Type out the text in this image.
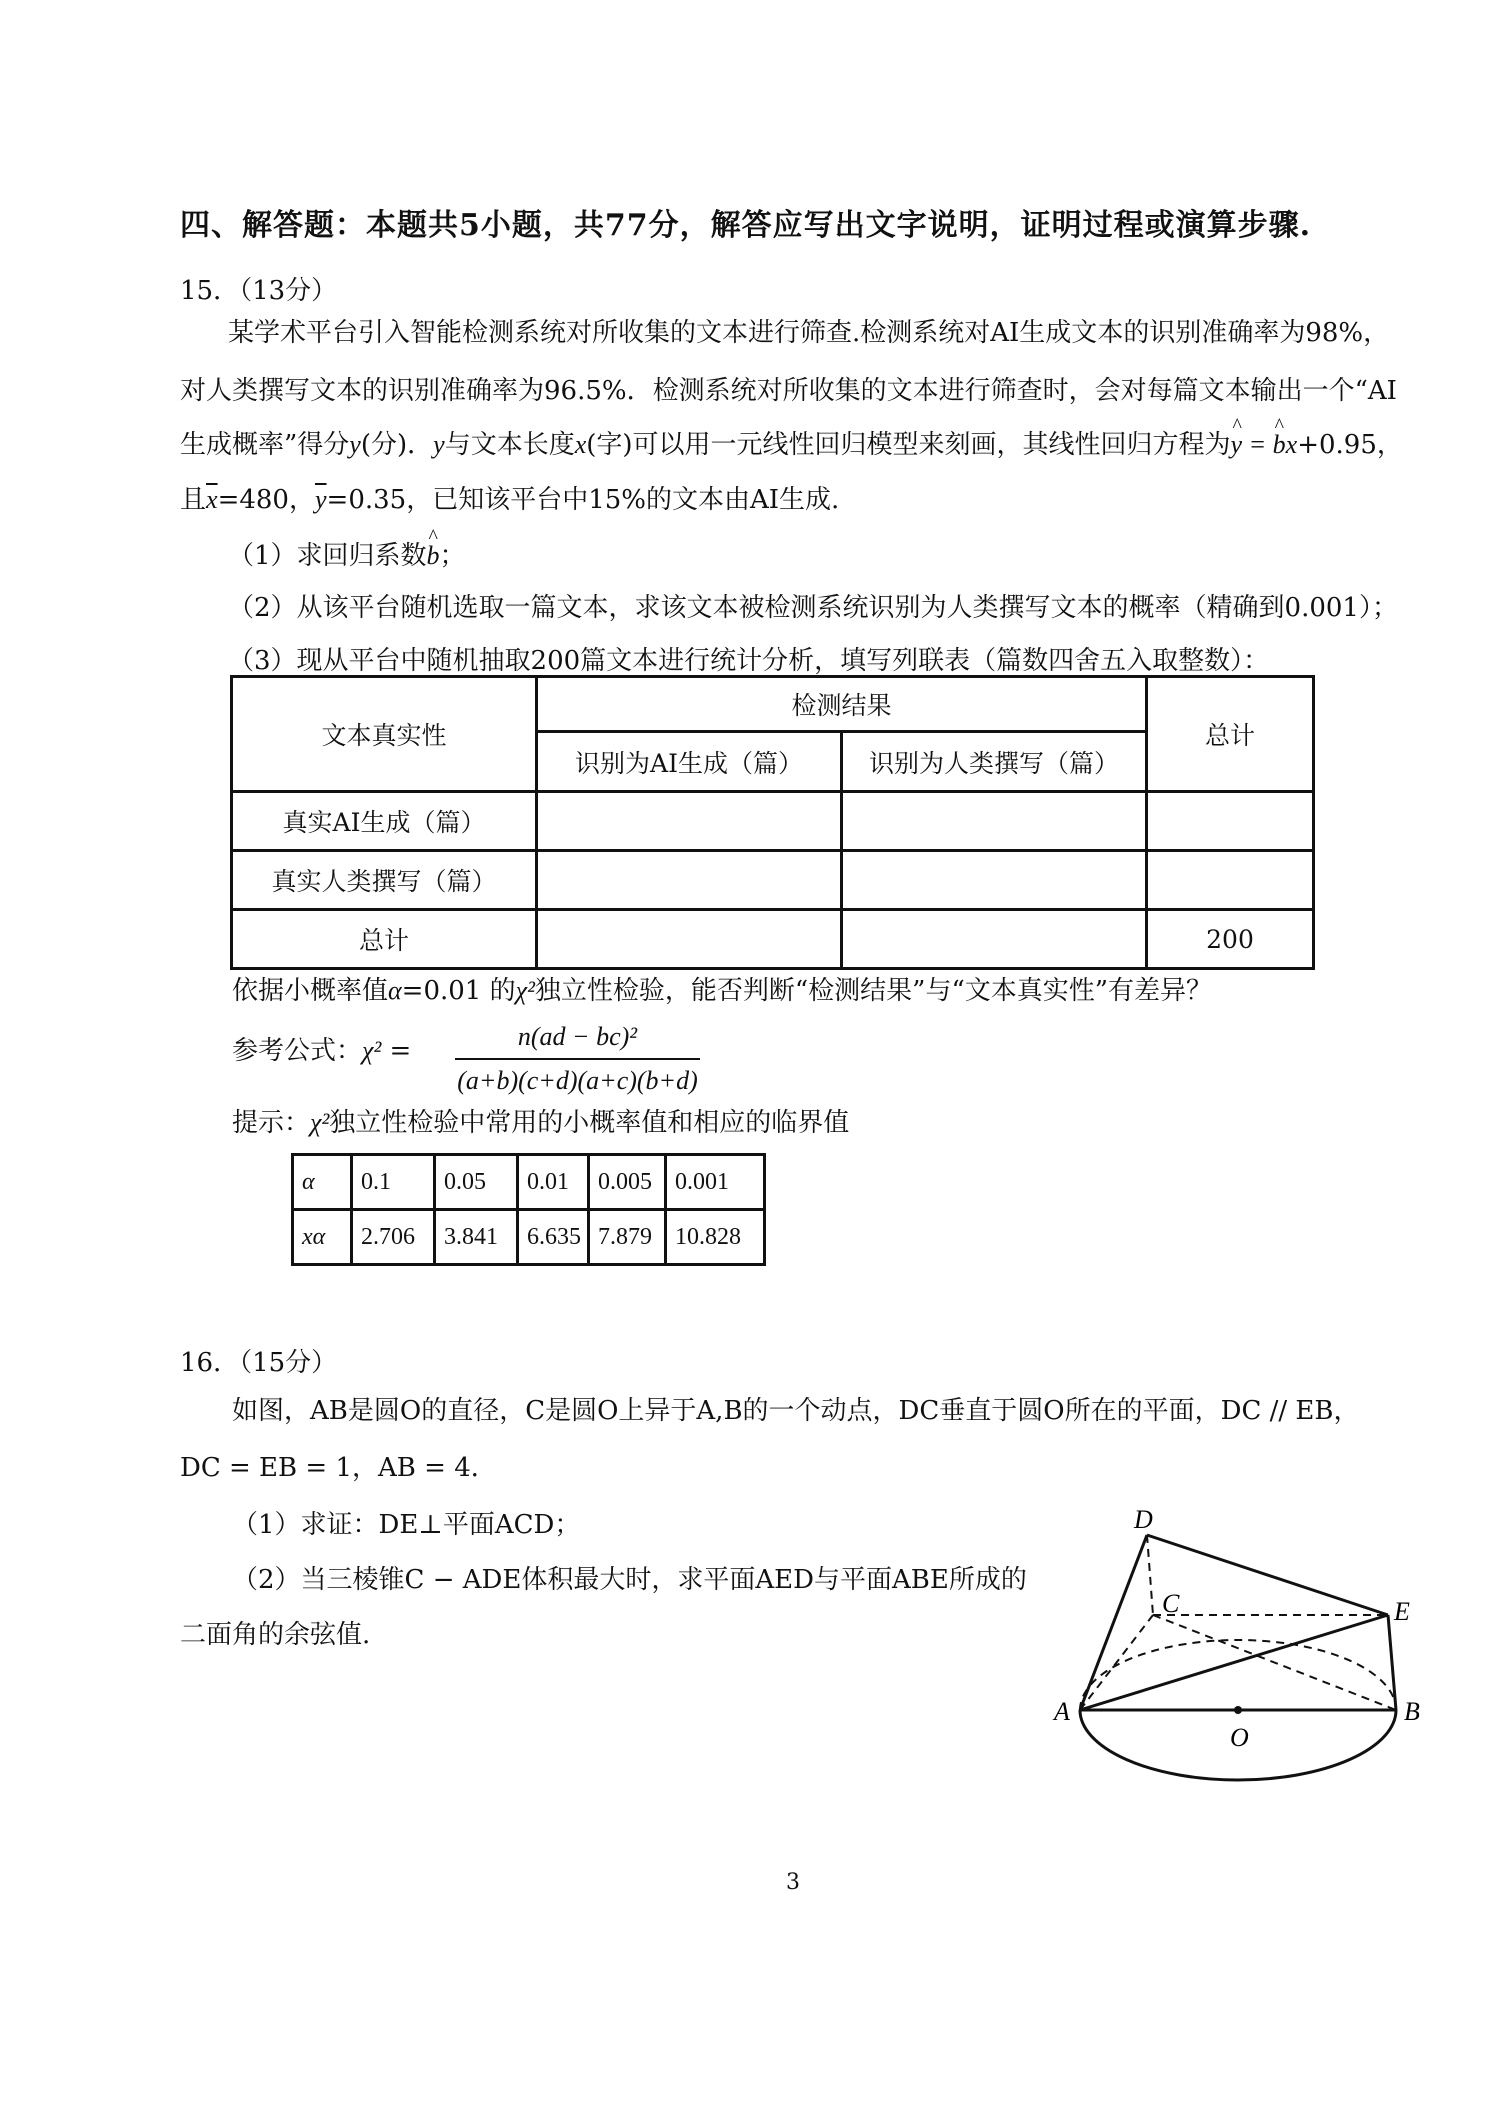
四、解答题：本题共5小题，共77分，解答应写出文字说明，证明过程或演算步骤.
15．（13分）
某学术平台引入智能检测系统对所收集的文本进行筛查.检测系统对AI生成文本的识别准确率为98%，
对人类撰写文本的识别准确率为96.5%．检测系统对所收集的文本进行筛查时，会对每篇文本输出一个“AI
生成概率”得分y(分)．y与文本长度x(字)可以用一元线性回归模型来刻画，其线性回归方程为^ y = ^ bx+0.95，
且$\overline{x}=480$，$\overline{y}=0.35$，已知该平台中15%的文本由AI生成.
（1）求回归系数^ b；
（2）从该平台随机选取一篇文本，求该文本被检测系统识别为人类撰写文本的概率（精确到0.001）；
（3）现从平台中随机抽取200篇文本进行统计分析，填写列联表（篇数四舍五入取整数）：
文本真实性	检测结果		总计
	识别为AI生成（篇）	识别为人类撰写（篇）	
真实AI生成（篇）			
真实人类撰写（篇）			
总计			200
依据小概率值α=0.01 的χ²独立性检验，能否判断“检测结果”与“文本真实性”有差异？
参考公式：$\chi^2 = \frac{\text{n(ad − bc)²}}{(a+b)(c+d)(a+c)(b+d)}$
提示：χ²独立性检验中常用的小概率值和相应的临界值
α	0.1	0.05	0.01	0.005	0.001
xα	2.706	3.841	6.635	7.879	10.828
16．（15分）
如图，AB是圆O的直径，C是圆O上异于A,B的一个动点，DC垂直于圆O所在的平面，DC // EB，
DC = EB = 1，AB = 4．
（1）求证：DE⊥平面ACD；
（2）当三棱锥C − ADE体积最大时，求平面AED与平面ABE所成的
二面角的余弦值.
D
C	E
A	B
O
3
